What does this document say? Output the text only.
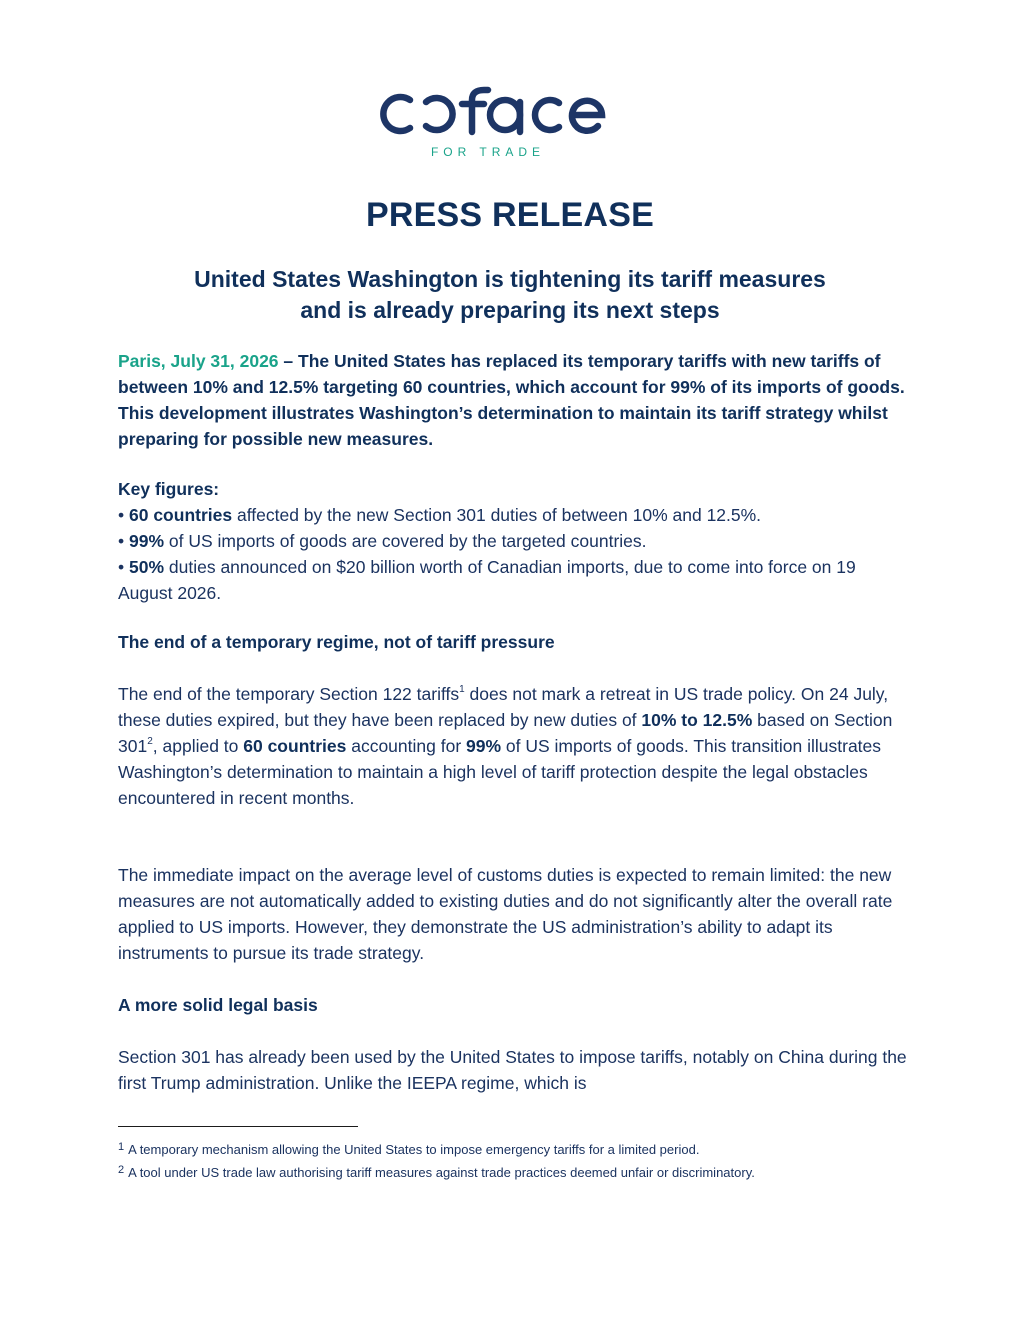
FOR TRADE
PRESS RELEASE
United States Washington is tightening its tariff measures
and is already preparing its next steps
Paris, July 31, 2026 – The United States has replaced its temporary tariffs with new tariffs of between 10% and 12.5% targeting 60 countries, which account for 99% of its imports of goods. This development illustrates Washington’s determination to maintain its tariff strategy whilst preparing for possible new measures.
Key figures:
• 60 countries affected by the new Section 301 duties of between 10% and 12.5%.
• 99% of US imports of goods are covered by the targeted countries.
• 50% duties announced on $20 billion worth of Canadian imports, due to come into force on 19 August 2026.
The end of a temporary regime, not of tariff pressure
The end of the temporary Section 122 tariffs$^1$ does not mark a retreat in US trade policy. On 24 July, these duties expired, but they have been replaced by new duties of 10% to 12.5% based on Section $301^2$, applied to 60 countries accounting for 99% of US imports of goods. This transition illustrates Washington’s determination to maintain a high level of tariff protection despite the legal obstacles encountered in recent months.
The immediate impact on the average level of customs duties is expected to remain limited: the new measures are not automatically added to existing duties and do not significantly alter the overall rate applied to US imports. However, they demonstrate the US administration’s ability to adapt its instruments to pursue its trade strategy.
A more solid legal basis
Section 301 has already been used by the United States to impose tariffs, notably on China during the first Trump administration. Unlike the IEEPA regime, which is
$^1$ A temporary mechanism allowing the United States to impose emergency tariffs for a limited period.
$^2$ A tool under US trade law authorising tariff measures against trade practices deemed unfair or discriminatory.
